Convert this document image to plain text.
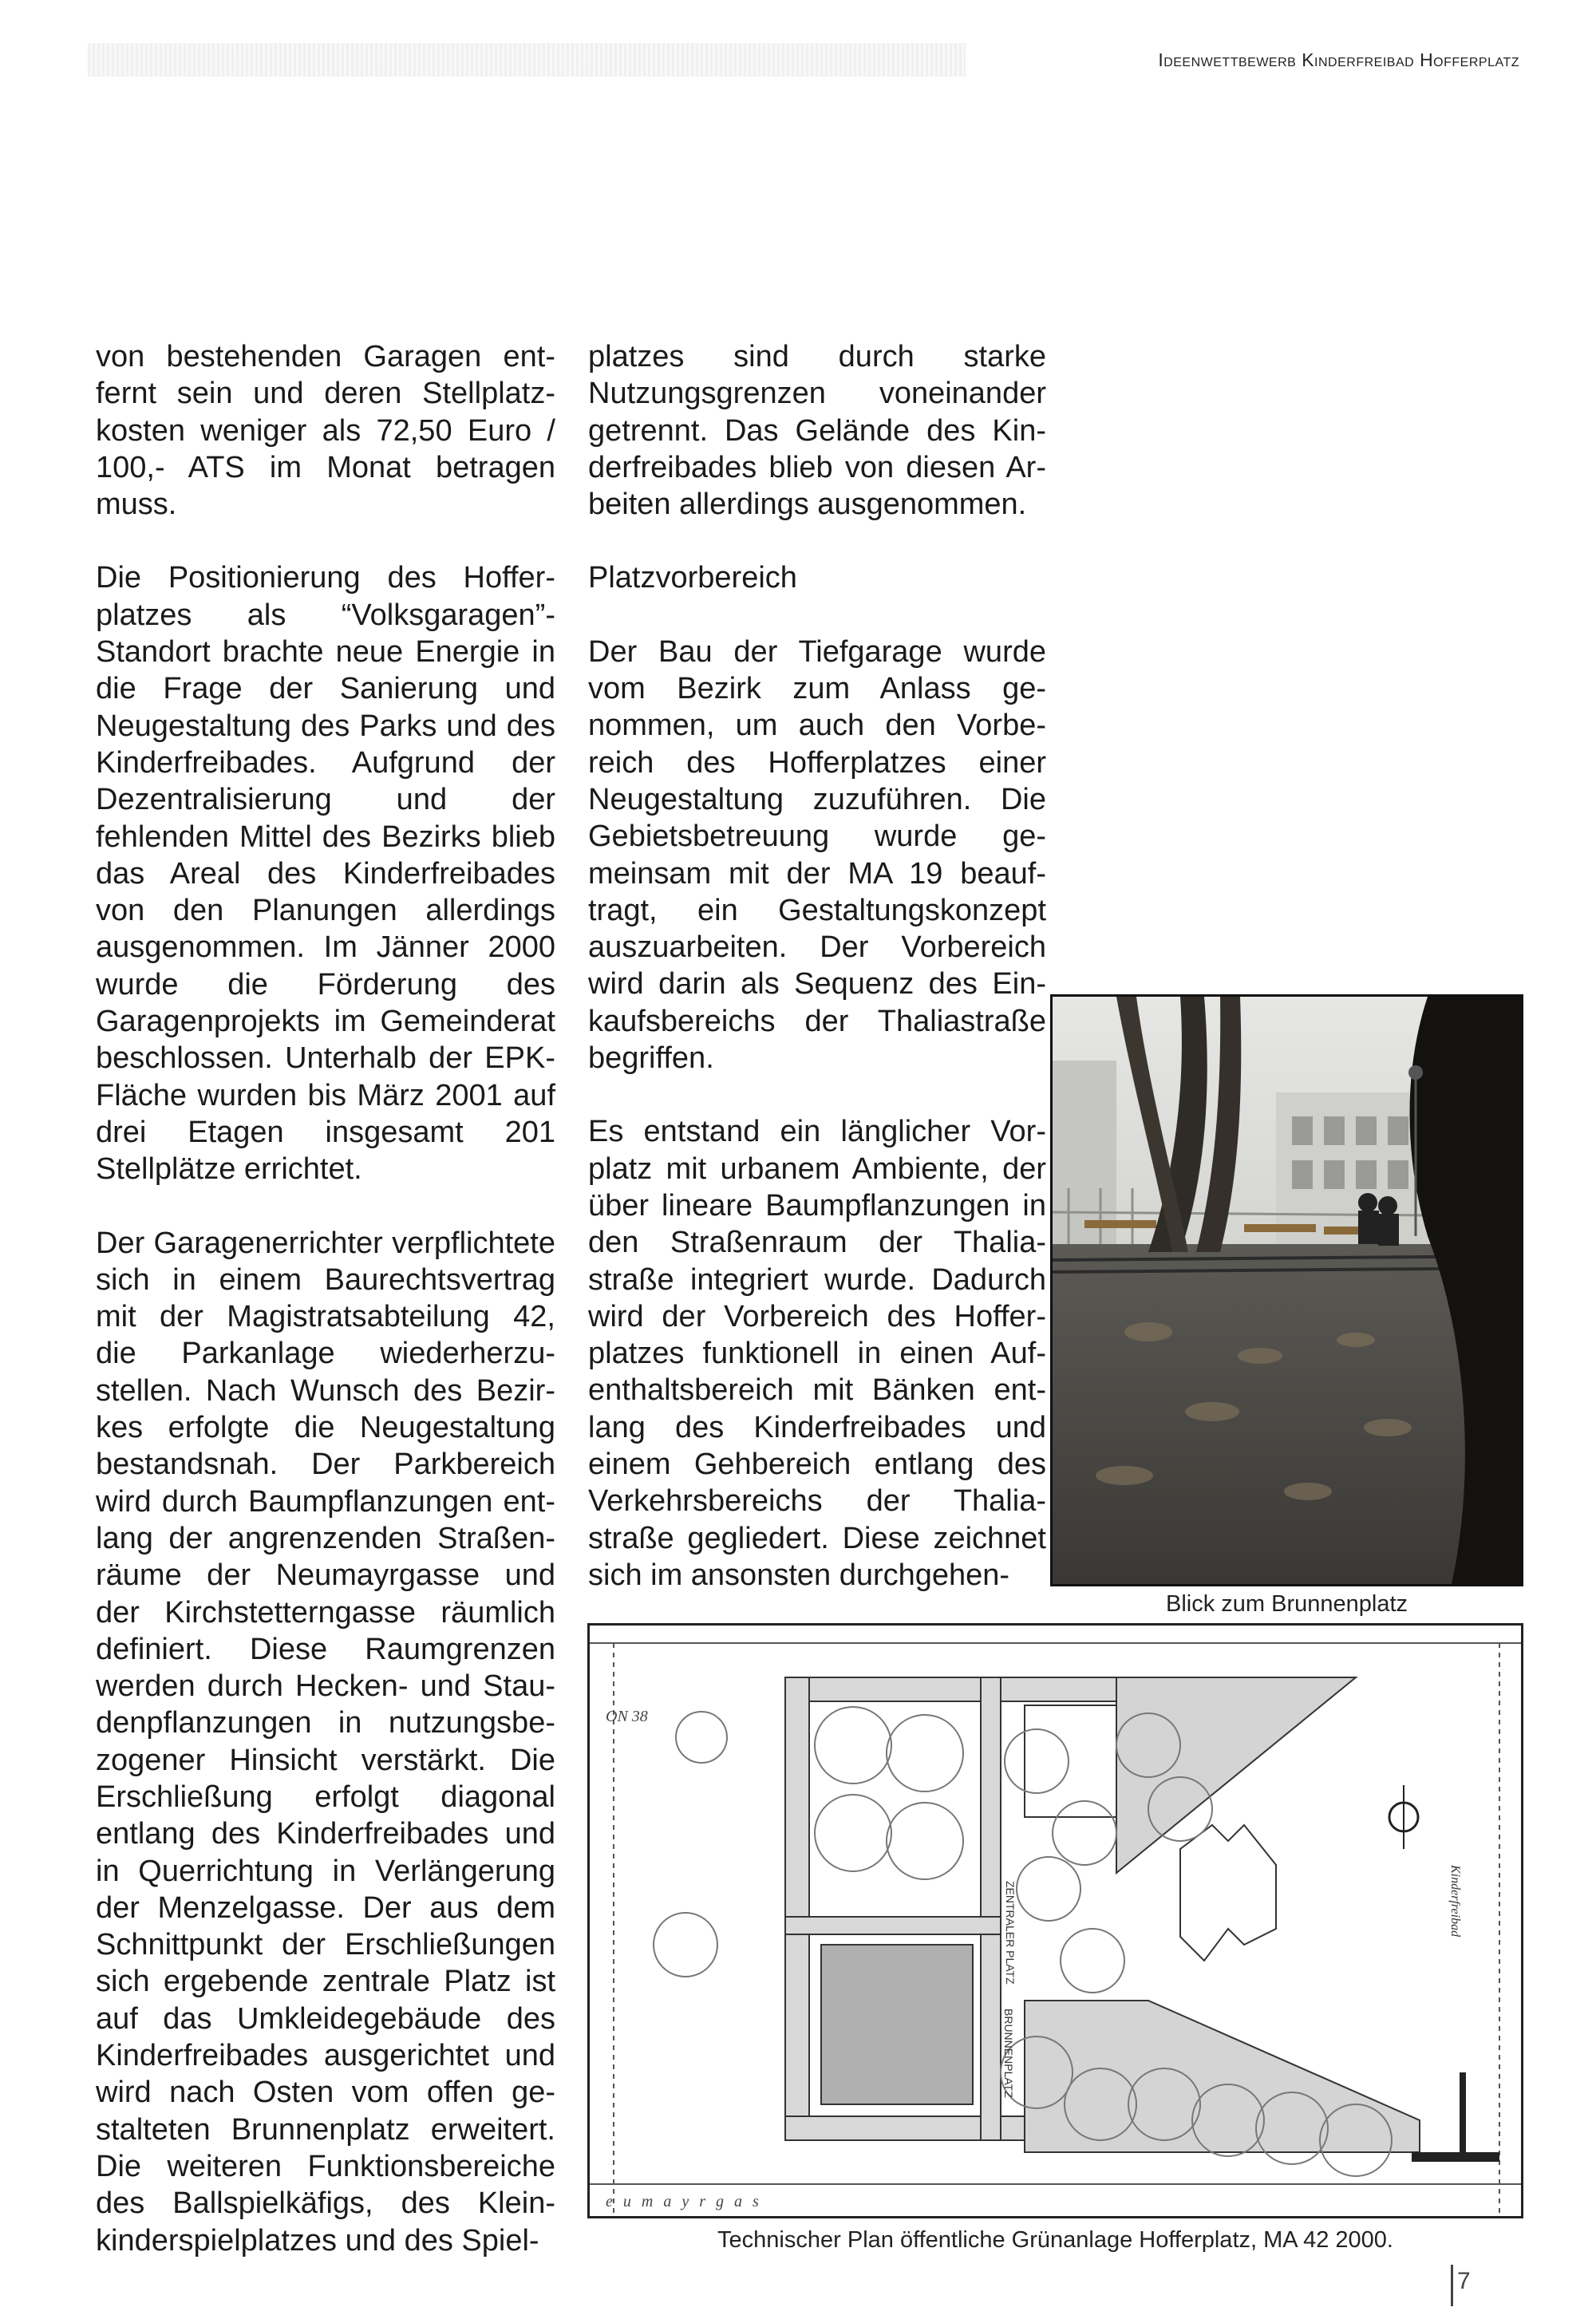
Ideenwettbewerb Kinderfreibad Hofferplatz

von bestehenden Garagen entfernt sein und deren Stellplatzkosten weniger als 72,50 Euro / 100,- ATS im Monat betragen muss.

Die Positionierung des Hofferplatzes als “Volksgaragen”-Standort brachte neue Energie in die Frage der Sanierung und Neugestaltung des Parks und des Kinderfreibades. Aufgrund der Dezentralisierung und der fehlenden Mittel des Bezirks blieb das Areal des Kinderfreibades von den Planungen allerdings ausgenommen. Im Jänner 2000 wurde die Förderung des Garagenprojekts im Gemeinderat beschlossen. Unterhalb der EPK-Fläche wurden bis März 2001 auf drei Etagen insgesamt 201 Stellplätze errichtet.

Der Garagenerrichter verpflichtete sich in einem Baurechtsvertrag mit der Magistratsabteilung 42, die Parkanlage wiederherzustellen. Nach Wunsch des Bezirkes erfolgte die Neugestaltung bestandsnah. Der Parkbereich wird durch Baumpflanzungen entlang der angrenzenden Straßenräume der Neumayrgasse und der Kirchstetterngasse räumlich definiert. Diese Raumgrenzen werden durch Hecken- und Staudenpflanzungen in nutzungsbezogener Hinsicht verstärkt. Die Erschließung erfolgt diagonal entlang des Kinderfreibades und in Querrichtung in Verlängerung der Menzelgasse. Der aus dem Schnittpunkt der Erschließungen sich ergebende zentrale Platz ist auf das Umkleidegebäude des Kinderfreibades ausgerichtet und wird nach Osten vom offen gestalteten Brunnenplatz erweitert. Die weiteren Funktionsbereiche des Ballspielkäfigs, des Kleinkinderspielplatzes und des Spiel-

platzes sind durch starke Nutzungsgrenzen voneinander getrennt. Das Gelände des Kinderfreibades blieb von diesen Arbeiten allerdings ausgenommen.

Platzvorbereich

Der Bau der Tiefgarage wurde vom Bezirk zum Anlass genommen, um auch den Vorbereich des Hofferplatzes einer Neugestaltung zuzuführen. Die Gebietsbetreuung wurde gemeinsam mit der MA 19 beauftragt, ein Gestaltungskonzept auszuarbeiten. Der Vorbereich wird darin als Sequenz des Einkaufsbereichs der Thaliastraße begriffen.

Es entstand ein länglicher Vorplatz mit urbanem Ambiente, der über lineare Baumpflanzungen in den Straßenraum der Thaliastraße integriert wurde. Dadurch wird der Vorbereich des Hofferplatzes funktionell in einen Aufenthaltsbereich mit Bänken entlang des Kinderfreibades und einem Gehbereich entlang des Verkehrsbereichs der Thaliastraße gegliedert. Diese zeichnet sich im ansonsten durchgehen-

Blick zum Brunnenplatz
ON 38
e u m a y r g a s
ZENTRALER PLATZ
BRUNNENPLATZ
Kinderfreibad
Technischer Plan öffentliche Grünanlage Hofferplatz, MA 42 2000.
7
